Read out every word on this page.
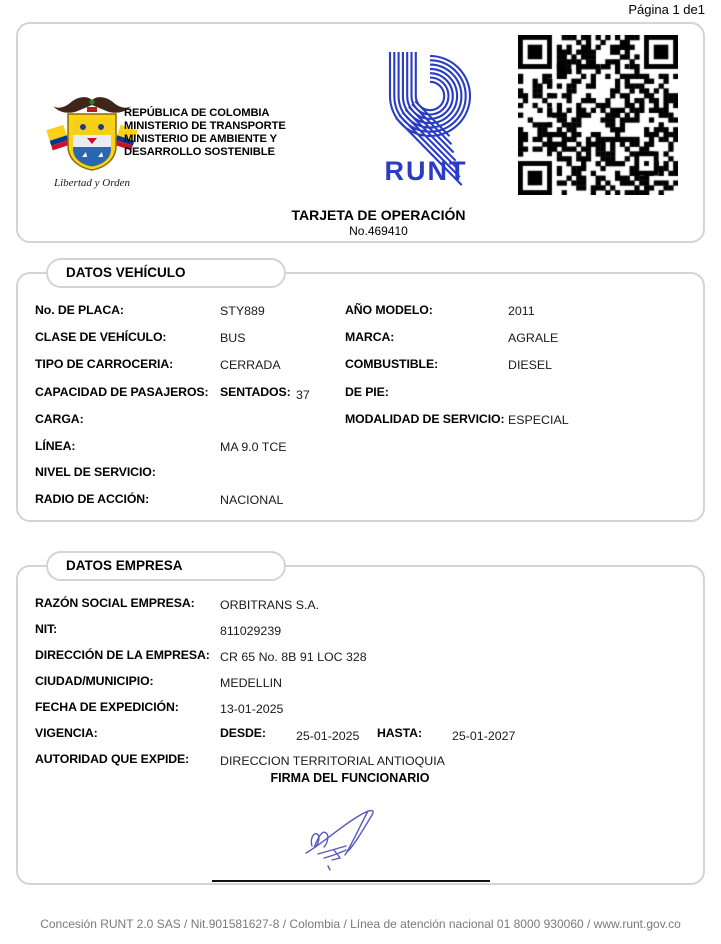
Página 1 de1
Libertad y Orden
REPÚBLICA DE COLOMBIA
MINISTERIO DE TRANSPORTE
MINISTERIO DE AMBIENTE Y
DESARROLLO SOSTENIBLE
RUNT
TARJETA DE OPERACIÓN
No.469410
DATOS VEHÍCULO
No. DE PLACA:	STY889	AÑO MODELO:	2011
CLASE DE VEHÍCULO:	BUS	MARCA:	AGRALE
TIPO DE CARROCERIA:	CERRADA	COMBUSTIBLE:	DIESEL
CAPACIDAD DE PASAJEROS: SENTADOS: 37	DE PIE:
CARGA:	MODALIDAD DE SERVICIO: ESPECIAL
LÍNEA:	MA 9.0 TCE
NIVEL DE SERVICIO:
RADIO DE ACCIÓN:	NACIONAL
DATOS EMPRESA
RAZÓN SOCIAL EMPRESA: ORBITRANS S.A.
NIT:	811029239
DIRECCIÓN DE LA EMPRESA: CR 65 No. 8B 91 LOC 328
CIUDAD/MUNICIPIO:	MEDELLIN
FECHA DE EXPEDICIÓN:	13-01-2025
VIGENCIA:	DESDE: 25-01-2025 HASTA: 25-01-2027
AUTORIDAD QUE EXPIDE: DIRECCION TERRITORIAL ANTIOQUIA
FIRMA DEL FUNCIONARIO
Concesión RUNT 2.0 SAS / Nit.901581627-8 / Colombia / Línea de atención nacional 01 8000 930060 / www.runt.gov.co
